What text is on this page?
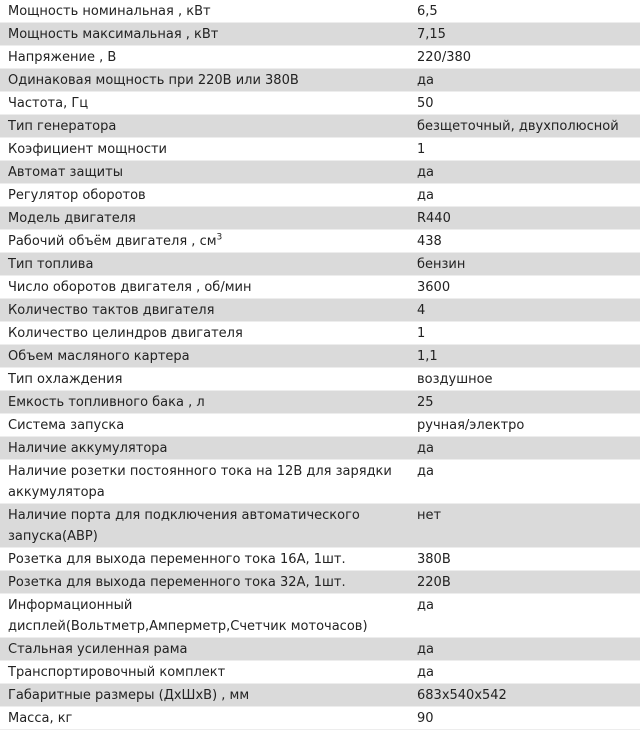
Мощность номинальная , кВт	6,5
Мощность максимальная , кВт	7,15
Напряжение , В	220/380
Одинаковая мощность при 220В или 380В	да
Частота, Гц	50
Тип генератора	безщеточный, двухполюсной
Коэфициент мощности	1
Автомат защиты	да
Регулятор оборотов	да
Модель двигателя	R440
Рабочий объём двигателя , $см^3$	438
Тип топлива	бензин
Число оборотов двигателя , об/мин	3600
Количество тактов двигателя	4
Количество целиндров двигателя	1
Объем масляного картера	1,1
Тип охлаждения	воздушное
Емкость топливного бака , л	25
Система запуска	ручная/электро
Наличие аккумулятора	да
Наличие розетки постоянного тока на 12В для зарядки аккумулятора	да
Наличие порта для подключения автоматического запуска(АВР)	нет
Розетка для выхода переменного тока 16А, 1шт.	380В
Розетка для выхода переменного тока 32А, 1шт.	220В
Информационный дисплей(Вольтметр,Амперметр,Счетчик моточасов)	да
Стальная усиленная рама	да
Транспортировочный комплект	да
Габаритные размеры (ДхШхВ) , мм	683x540x542
Масса, кг	90
